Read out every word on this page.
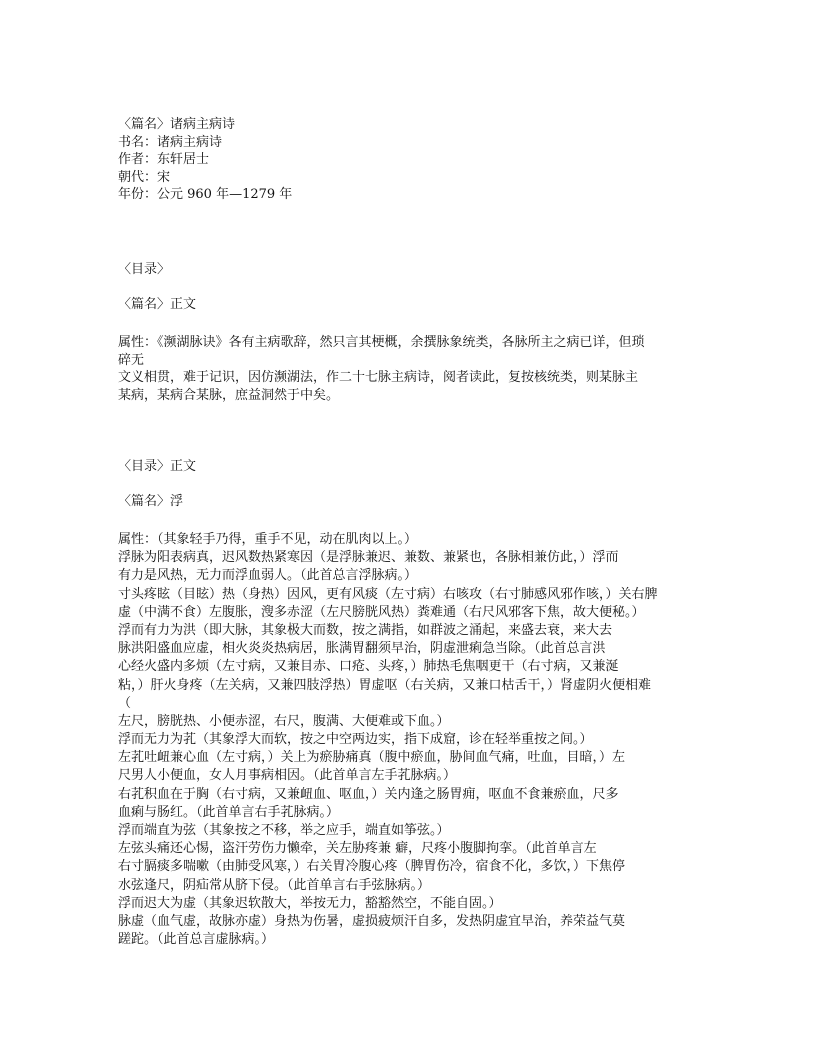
〈篇名〉诸病主病诗
书名：诸病主病诗
作者：东轩居士
朝代：宋
年份：公元 960 年—1279 年
〈目录〉
〈篇名〉正文
属性：《濒湖脉诀》各有主病歌辞，然只言其梗概，余撰脉象统类，各脉所主之病已详，但琐
碎无
文义相贯，难于记识，因仿濒湖法，作二十七脉主病诗，阅者读此，复按核统类，则某脉主
某病，某病合某脉，庶益洞然于中矣。
〈目录〉正文
〈篇名〉浮
属性：（其象轻手乃得，重手不见，动在肌肉以上。）
浮脉为阳表病真，迟风数热紧寒因（是浮脉兼迟、兼数、兼紧也，各脉相兼仿此，）浮而
有力是风热，无力而浮血弱人。（此首总言浮脉病。）
寸头疼眩（目眩）热（身热）因风，更有风痰（左寸病）右咳攻（右寸肺感风邪作咳，）关右脾
虚（中满不食）左腹胀，溲多赤涩（左尺膀胱风热）粪难通（右尺风邪客下焦，故大便秘。）
浮而有力为洪（即大脉，其象极大而数，按之满指，如群波之涌起，来盛去衰，来大去
脉洪阳盛血应虚，相火炎炎热病居，胀满胃翻须早治，阴虚泄痢急当除。（此首总言洪
心经火盛内多烦（左寸病，又兼目赤、口疮、头疼，）肺热毛焦咽更干（右寸病，又兼涎
粘，）肝火身疼（左关病，又兼四肢浮热）胃虚呕（右关病，又兼口枯舌干，）肾虚阴火便相难
（
左尺，膀胱热、小便赤涩，右尺，腹满、大便难或下血。）
浮而无力为芤（其象浮大而软，按之中空两边实，指下成窟，诊在轻举重按之间。）
左芤吐衄兼心血（左寸病，）关上为瘀胁痛真（腹中瘀血，胁间血气痛，吐血，目暗，）左
尺男人小便血，女人月事病相因。（此首单言左手芤脉病。）
右芤积血在于胸（右寸病，又兼衄血、呕血，）关内逢之肠胃痈，呕血不食兼瘀血，尺多
血痢与肠红。（此首单言右手芤脉病。）
浮而端直为弦（其象按之不移，举之应手，端直如筝弦。）
左弦头痛还心惕，盗汗劳伤力懒牵，关左胁疼兼 癖，尺疼小腹脚拘挛。（此首单言左
右寸膈痰多喘嗽（由肺受风寒，）右关胃冷腹心疼（脾胃伤冷，宿食不化，多饮，）下焦停
水弦逢尺，阴疝常从脐下侵。（此首单言右手弦脉病。）
浮而迟大为虚（其象迟软散大，举按无力，豁豁然空，不能自固。）
脉虚（血气虚，故脉亦虚）身热为伤暑，虚损疲烦汗自多，发热阴虚宜早治，养荣益气莫
蹉跎。（此首总言虚脉病。）
